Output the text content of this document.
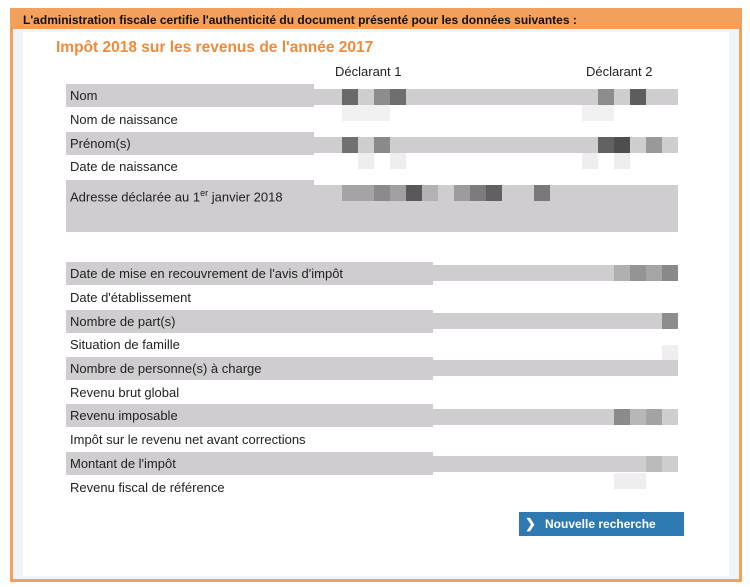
L'administration fiscale certifie l'authenticité du document présenté pour les données suivantes :
Impôt 2018 sur les revenus de l'année 2017
Déclarant 1	Déclarant 2
Nom
Nom de naissance
Prénom(s)
Date de naissance
Adresse déclarée au 1er janvier 2018
Date de mise en recouvrement de l'avis d'impôt
Date d'établissement
Nombre de part(s)
Situation de famille
Nombre de personne(s) à charge
Revenu brut global
Revenu imposable
Impôt sur le revenu net avant corrections
Montant de l'impôt
Revenu fiscal de référence
❯ Nouvelle recherche
